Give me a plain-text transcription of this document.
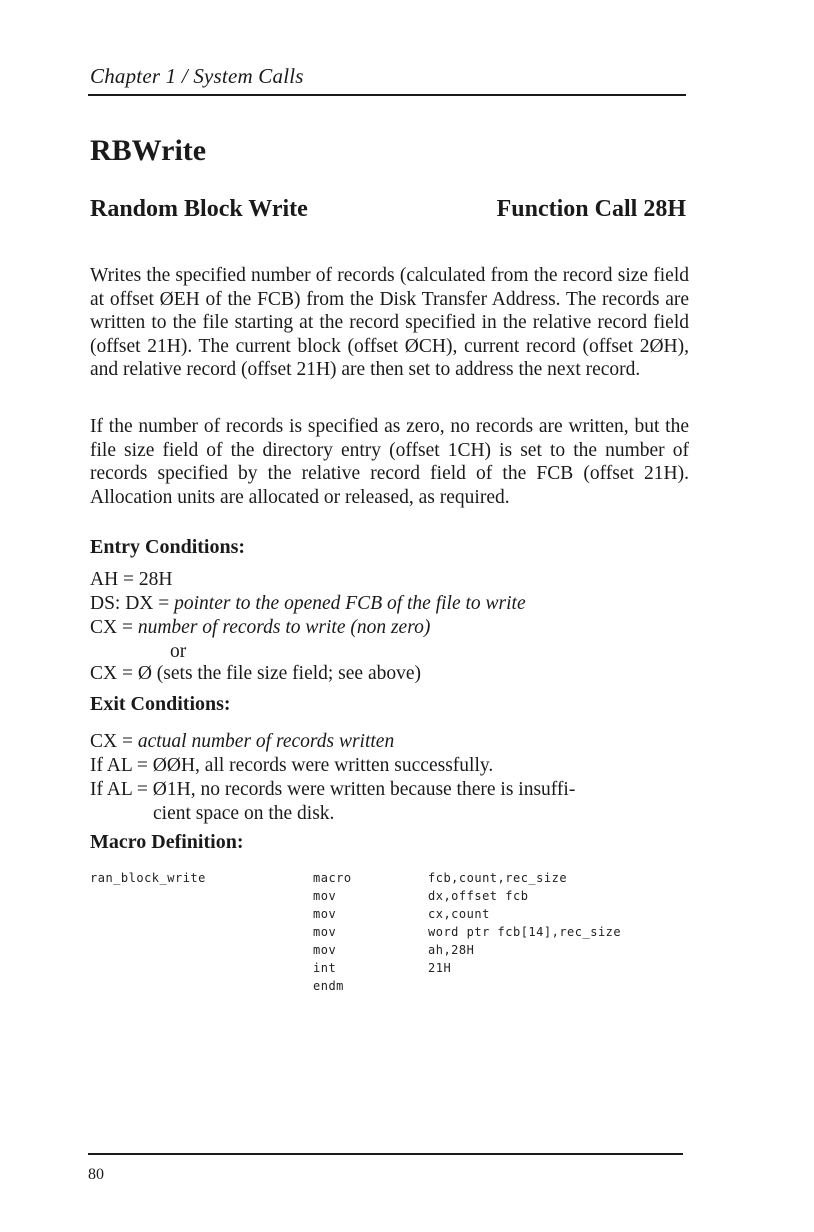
Chapter 1 / System Calls
RBWrite
Random Block Write	Function Call 28H

Writes the specified number of records (calculated from the record size field at offset ØEH of the FCB) from the Disk Transfer Address. The records are written to the file starting at the record specified in the relative record field (offset 21H). The current block (offset ØCH), current record (offset 2ØH), and relative record (offset 21H) are then set to address the next record.

If the number of records is specified as zero, no records are written, but the file size field of the directory entry (offset 1CH) is set to the number of records specified by the relative record field of the FCB (offset 21H). Allocation units are allocated or released, as required.

Entry Conditions:
AH = 28H
DS: DX = pointer to the opened FCB of the file to write
CX = number of records to write (non zero)
or
CX = Ø (sets the file size field; see above)
Exit Conditions:
CX = actual number of records written
If AL = ØØH, all records were written successfully.
If AL = Ø1H, no records were written because there is insuffi-
cient space on the disk.
Macro Definition:
ran_block_write	macro	fcb,count,rec_size
mov	dx,offset fcb
mov	cx,count
mov	word ptr fcb[14],rec_size
mov	ah,28H
int	21H
endm
80
